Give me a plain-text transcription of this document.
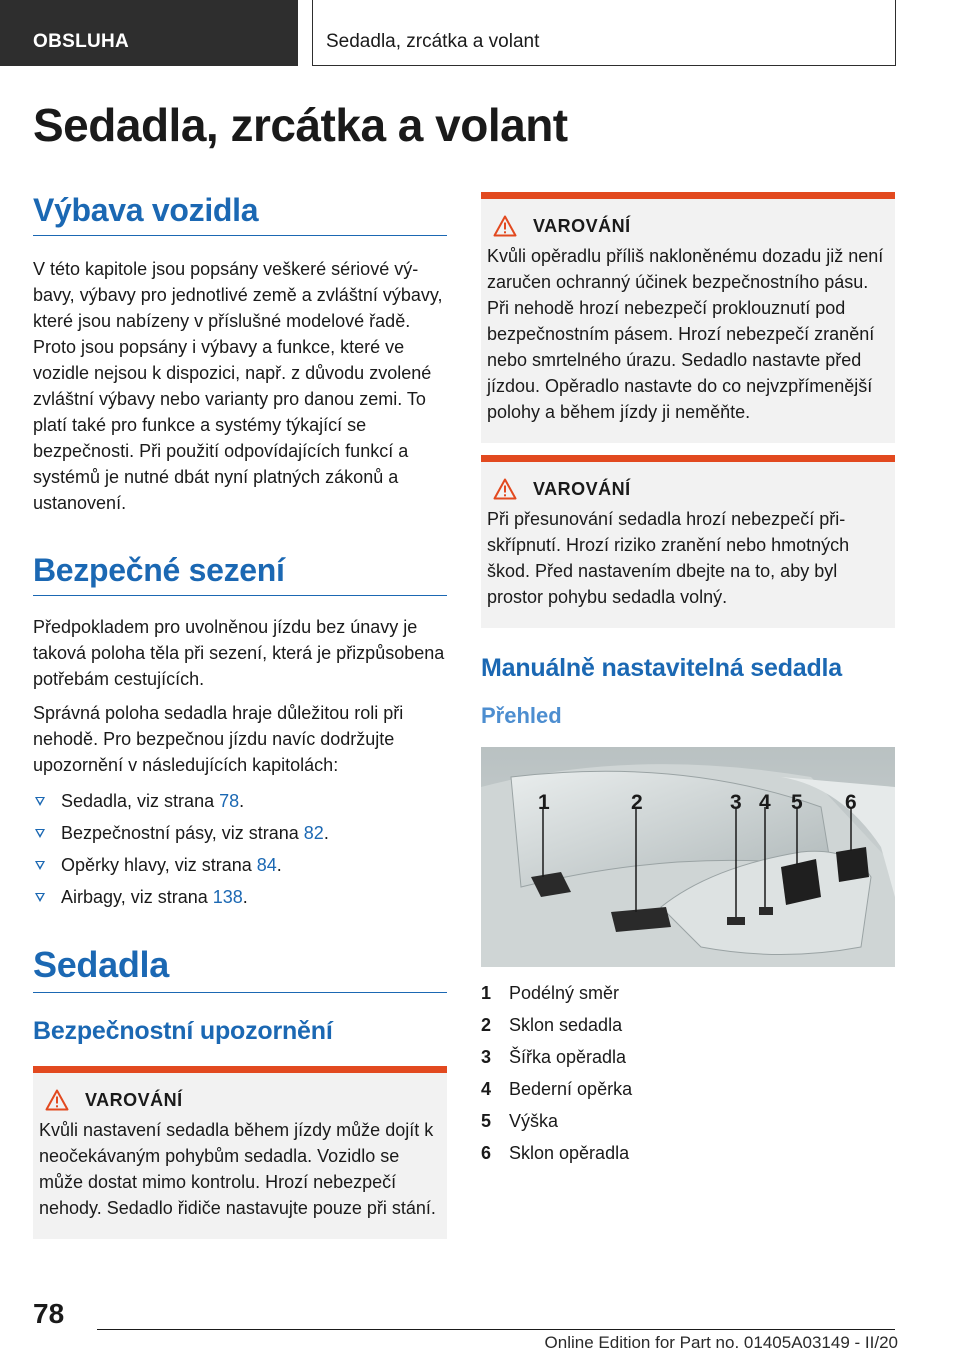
OBSLUHA	Sedadla, zrcátka a volant
Sedadla, zrcátka a volant
Výbava vozidla

V této kapitole jsou popsány veškeré sériové výbavy, výbavy pro jednotlivé země a zvláštní výbavy, které jsou nabízeny v příslušné modelové řadě. Proto jsou popsány i výbavy a funkce, které ve vozidle nejsou k dispozici, např. z důvodu zvolené zvláštní výbavy nebo varianty pro danou zemi. To platí také pro funkce a systémy týkající se bezpečnosti. Při použití odpovídajících funkcí a systémů je nutné dbát nyní platných zákonů a ustanovení.

Bezpečné sezení

Předpokladem pro uvolněnou jízdu bez únavy je taková poloha těla při sezení, která je přizpůsobena potřebám cestujících.

Správná poloha sedadla hraje důležitou roli při nehodě. Pro bezpečnou jízdu navíc dodržujte upozornění v následujících kapitolách:

Sedadla, viz strana 78.
Bezpečnostní pásy, viz strana 82.
Opěrky hlavy, viz strana 84.
Airbagy, viz strana 138.
Sedadla
Bezpečnostní upozornění
VAROVÁNÍ

Kvůli nastavení sedadla během jízdy může dojít k neočekávaným pohybům sedadla. Vozidlo se může dostat mimo kontrolu. Hrozí nebezpečí nehody. Sedadlo řidiče nastavujte pouze při stání.

VAROVÁNÍ

Kvůli opěradlu příliš nakloněnému dozadu již není zaručen ochranný účinek bezpečnostního pásu. Při nehodě hrozí nebezpečí proklouznutí pod bezpečnostním pásem. Hrozí nebezpečí zranění nebo smrtelného úrazu. Sedadlo nastavte před jízdou. Opěradlo nastavte do co nejvzpřímenější polohy a během jízdy ji neměňte.

VAROVÁNÍ

Při přesunování sedadla hrozí nebezpečí přiskřípnutí. Hrozí riziko zranění nebo hmotných škod. Před nastavením dbejte na to, aby byl prostor pohybu sedadla volný.

Manuálně nastavitelná sedadla
Přehled
1	2	3 4 5 6
1 Podélný směr
2 Sklon sedadla
3 Šířka opěradla
4 Bederní opěrka
5 Výška
6 Sklon opěradla
78
Online Edition for Part no. 01405A03149 - II/20
